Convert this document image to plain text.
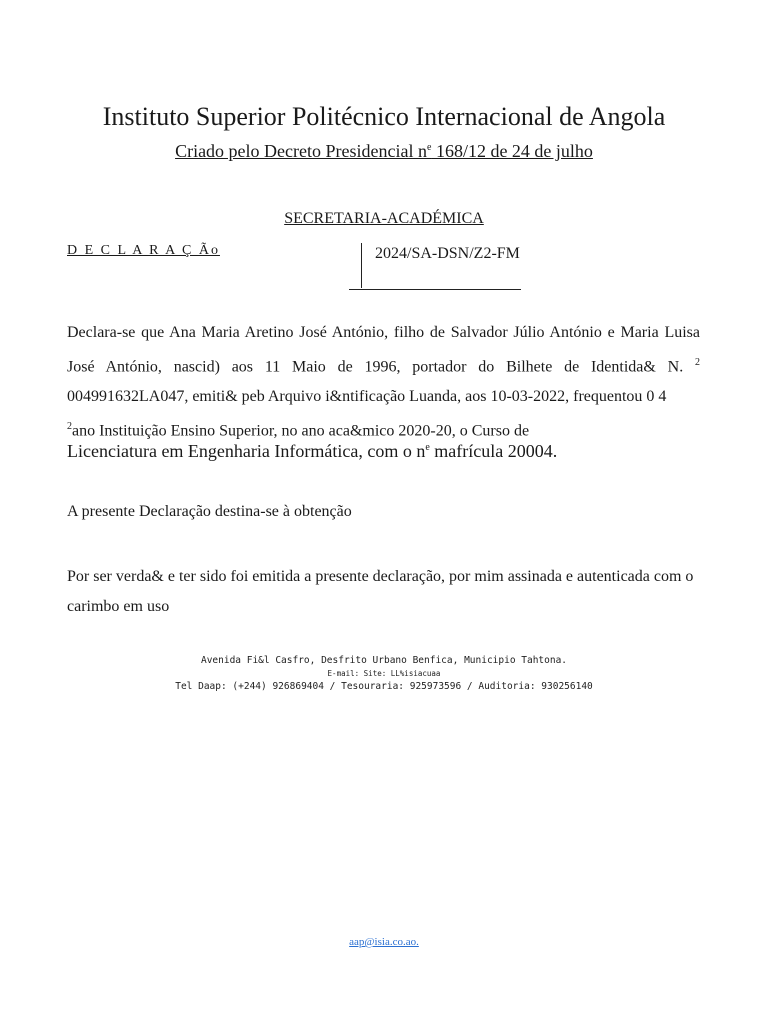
Instituto Superior Politécnico Internacional de Angola
Criado pelo Decreto Presidencial $n^e$ 168/12 de 24 de julho
SECRETARIA-ACADÉMICA
D E C L A R A Ç Ão	2024/SA-DSN/Z2-FM

Declara-se que Ana Maria Aretino José António, filho de Salvador Júlio António e Maria Luisa José António, nascid) aos 11 Maio de 1996, portador do Bilhete de Identida& N. $^2$ 004991632LA047, emiti& peb Arquivo i&ntificação Luanda, aos 10-03-2022, frequentou 0 4
$^2$ano Instituição Ensino Superior, no ano aca&mico 2020-20, o Curso de

Licenciatura em Engenharia Informática, com o $n^e$ mafrícula 20004.
A presente Declaração destina-se à obtenção
Por ser verda& e ter sido foi emitida a presente declaração, por mim assinada e autenticada com o carimbo em uso
Avenida Fi&l Casfro, Desfrito Urbano Benfica, Municipio Tahtona.
E-mail: Site: LL%isiacuaa
Tel Daap: (+244) 926869404 / Tesouraria: 925973596 / Auditoria: 930256140
aap@isia.co.ao.
